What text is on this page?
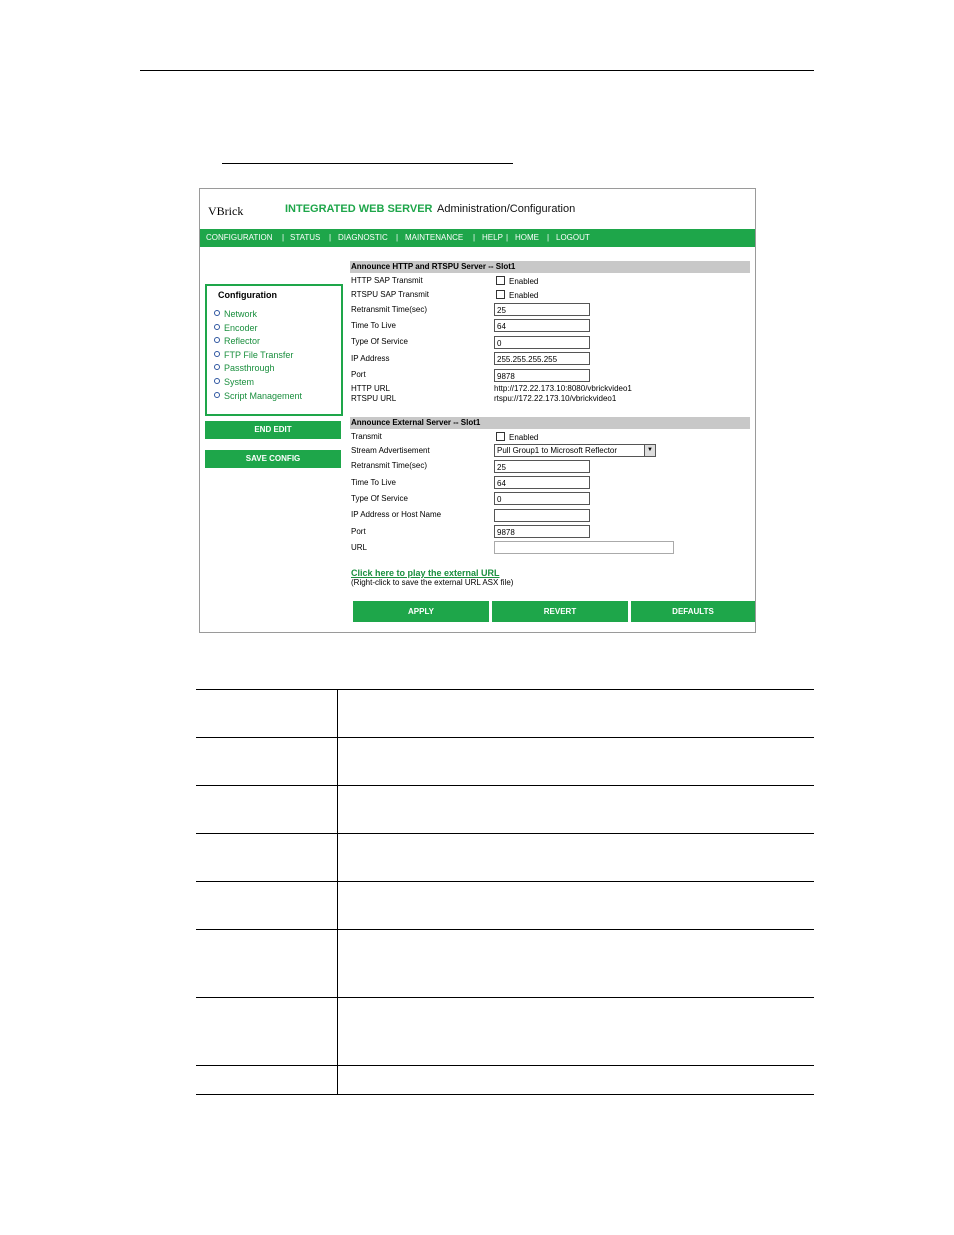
VBrick	INTEGRATED WEB SERVER Administration/Configuration
CONFIGURATION | STATUS | DIAGNOSTIC | MAINTENANCE | HELP | HOME | LOGOUT
Configuration
Network
Encoder
Reflector
FTP File Transfer
Passthrough
System
Script Management
END EDIT
SAVE CONFIG
Announce HTTP and RTSPU Server -- Slot1
HTTP SAP Transmit	Enabled
RTSPU SAP Transmit	Enabled
Retransmit Time(sec)	25
Time To Live	64
Type Of Service	0
IP Address	255.255.255.255
Port	9878
HTTP URL	http://172.22.173.10:8080/vbrickvideo1
RTSPU URL	rtspu://172.22.173.10/vbrickvideo1
Announce External Server -- Slot1
Transmit	Enabled
Stream Advertisement	Pull Group1 to Microsoft Reflector	▼
Retransmit Time(sec)	25
Time To Live	64
Type Of Service	0
IP Address or Host Name
Port	9878
URL
Click here to play the external URL
(Right-click to save the external URL ASX file)
APPLY	REVERT	DEFAULTS
